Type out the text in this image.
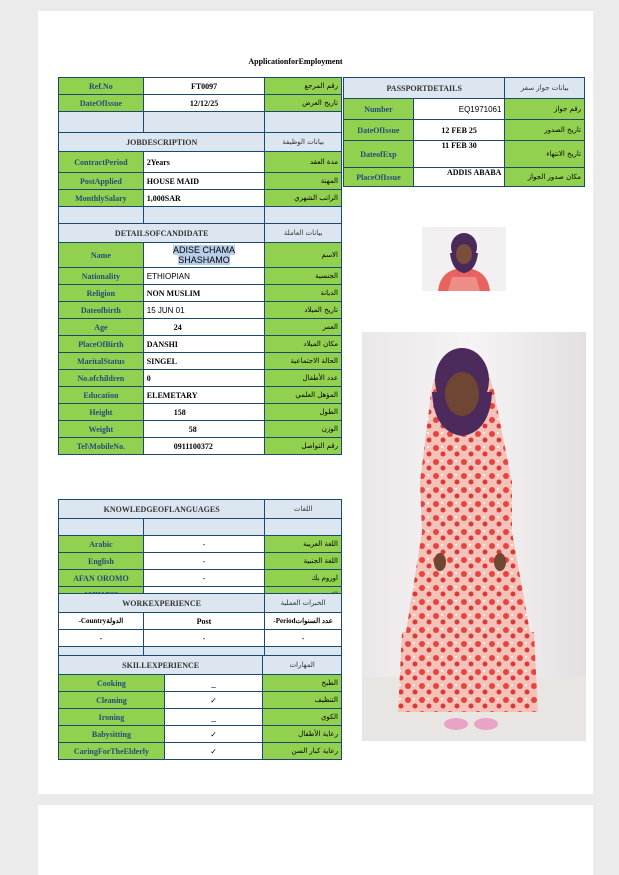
ApplicationforEmployment
Ref.No	FT0097	رقم المرجع
DateOfIssue	12/12/25	تاريخ العرض

JOBDESCRIPTION		بيانات الوظيفة
ContractPeriod	2Years	مدة العقد
PostApplied	HOUSE MAID	المهنة
MonthlySalary	1,000SAR	الراتب الشهري

DETAILSOFCANDIDATE		بيانات العاملة
Name	ADISE CHAMA SHASHAMO	الاسم
Nationality	ETHIOPIAN	الجنسية
Religion	NON MUSLIM	الديانة
Dateofbirth	15 JUN 01	تاريخ الميلاد
Age	24	العمر
PlaceOfBirth	DANSHI	مكان الميلاد
MaritalStatus	SINGEL	الحالة الاجتماعية
No.ofchildren	0	عدد الأطفال
Education	ELEMETARY	المؤهل العلمي
Height	158	الطول
Weight	58	الوزن
Tel\MobileNo.	0911100372	رقم التواصل
PASSPORTDETAILS		بيانات جواز سفر
Number	EQ1971061	رقم جواز
DateOfIssue	12 FEB 25	تاريخ الصدور
DateofExp	11 FEB 30	تاريخ الانتهاء
PlaceOfIssue	ADDIS ABABA	مكان صدور الجواز
KNOWLEDGEOFLANGUAGES		اللغات

Arabic	-	اللغة العربية
English	-	اللغة الجنبية
AFAN OROMO	-	اوروم يك

WORKEXPERIENCE		الخبرات العملية
-Countryالدولة	Post	-Periodعدد السنوات
-	-	-

SKILLEXPERIENCE		المهارات
Cooking	_	الطبخ
Cleaning	✓	التنظيف
Ironing	_	الكوي
Babysitting	✓	رعاية الأطفال
CaringForTheElderly	✓	رعاية كبار السن
